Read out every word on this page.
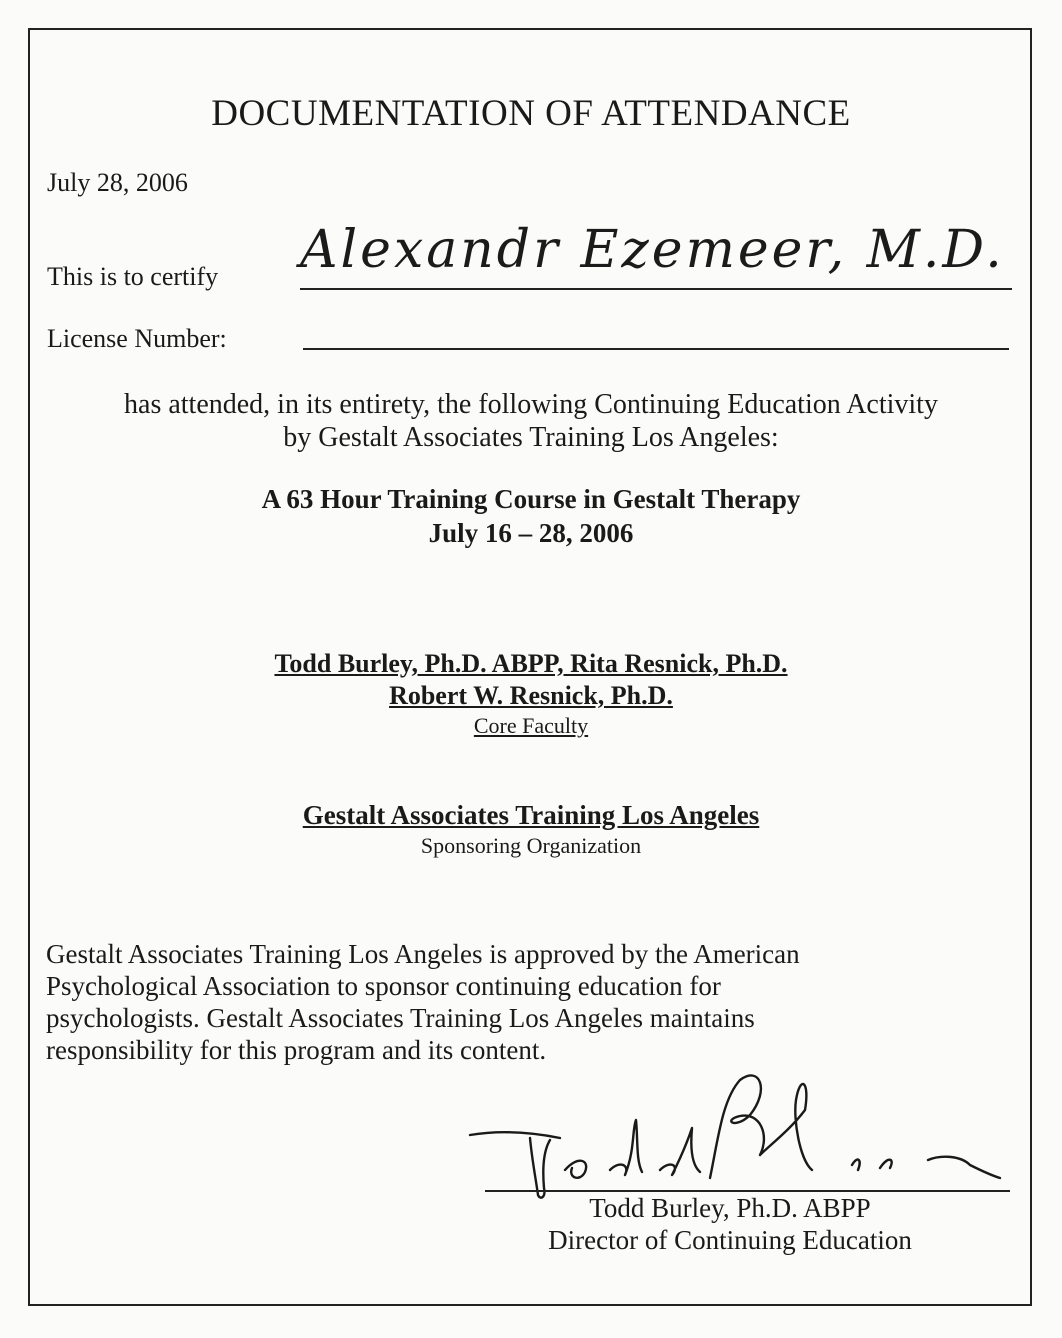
DOCUMENTATION OF ATTENDANCE
July 28, 2006
This is to certify Alexandr Ezemeer, M.D.
License Number:
has attended, in its entirety, the following Continuing Education Activity
by Gestalt Associates Training Los Angeles:
A 63 Hour Training Course in Gestalt Therapy
July 16 – 28, 2006
Todd Burley, Ph.D. ABPP, Rita Resnick, Ph.D.
Robert W. Resnick, Ph.D.
Core Faculty
Gestalt Associates Training Los Angeles
Sponsoring Organization
Gestalt Associates Training Los Angeles is approved by the American
Psychological Association to sponsor continuing education for
psychologists. Gestalt Associates Training Los Angeles maintains
responsibility for this program and its content.
Todd Burley, Ph.D. ABPP
Director of Continuing Education
